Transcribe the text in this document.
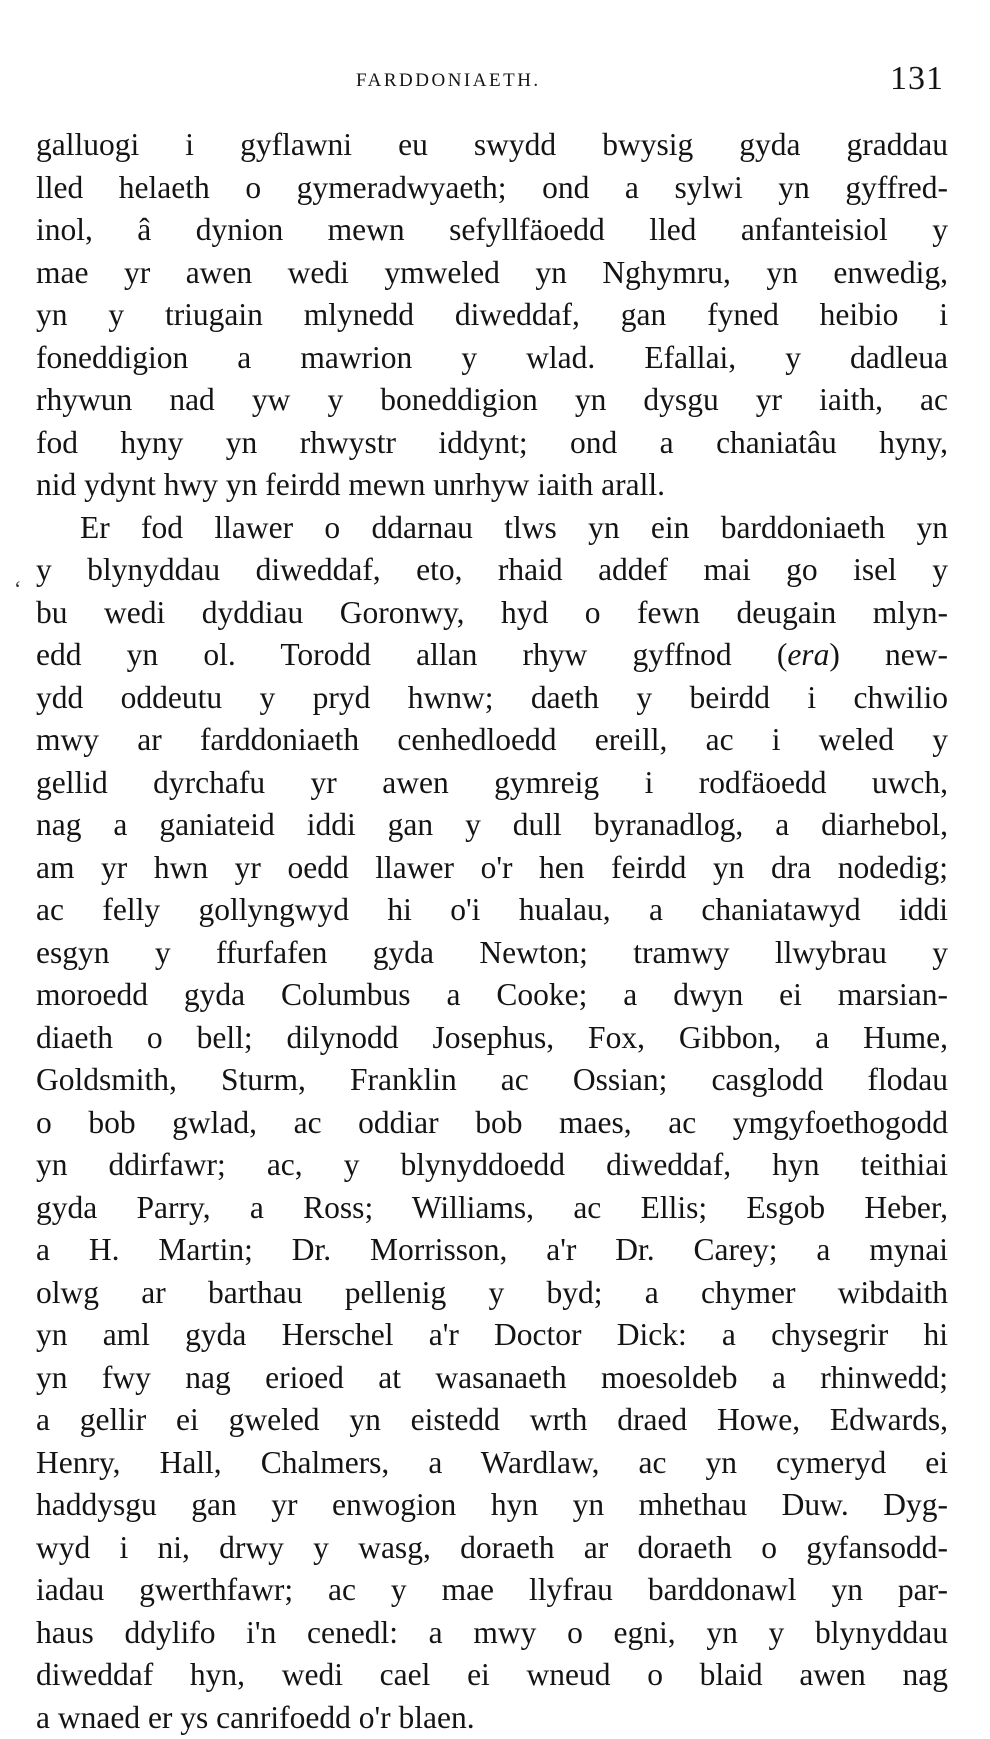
FARDDONIAETH.	131
‘
galluogi i gyflawni eu swydd bwysig gyda graddau
lled helaeth o gymeradwyaeth; ond a sylwi yn gyffred-
inol, â dynion mewn sefyllfäoedd lled anfanteisiol y
mae yr awen wedi ymweled yn Nghymru, yn enwedig,
yn y triugain mlynedd diweddaf, gan fyned heibio i
foneddigion a mawrion y wlad. Efallai, y dadleua
rhywun nad yw y boneddigion yn dysgu yr iaith, ac
fod hyny yn rhwystr iddynt; ond a chaniatâu hyny,
nid ydynt hwy yn feirdd mewn unrhyw iaith arall.
Er fod llawer o ddarnau tlws yn ein barddoniaeth yn
y blynyddau diweddaf, eto, rhaid addef mai go isel y
bu wedi dyddiau Goronwy, hyd o fewn deugain mlyn-
edd yn ol. Torodd allan rhyw gyffnod (era) new-
ydd oddeutu y pryd hwnw; daeth y beirdd i chwilio
mwy ar farddoniaeth cenhedloedd ereill, ac i weled y
gellid dyrchafu yr awen gymreig i rodfäoedd uwch,
nag a ganiateid iddi gan y dull byranadlog, a diarhebol,
am yr hwn yr oedd llawer o'r hen feirdd yn dra nodedig;
ac felly gollyngwyd hi o'i hualau, a chaniatawyd iddi
esgyn y ffurfafen gyda Newton; tramwy llwybrau y
moroedd gyda Columbus a Cooke; a dwyn ei marsian-
diaeth o bell; dilynodd Josephus, Fox, Gibbon, a Hume,
Goldsmith, Sturm, Franklin ac Ossian; casglodd flodau
o bob gwlad, ac oddiar bob maes, ac ymgyfoethogodd
yn ddirfawr; ac, y blynyddoedd diweddaf, hyn teithiai
gyda Parry, a Ross; Williams, ac Ellis; Esgob Heber,
a H. Martin; Dr. Morrisson, a'r Dr. Carey; a mynai
olwg ar barthau pellenig y byd; a chymer wibdaith
yn aml gyda Herschel a'r Doctor Dick: a chysegrir hi
yn fwy nag erioed at wasanaeth moesoldeb a rhinwedd;
a gellir ei gweled yn eistedd wrth draed Howe, Edwards,
Henry, Hall, Chalmers, a Wardlaw, ac yn cymeryd ei
haddysgu gan yr enwogion hyn yn mhethau Duw. Dyg-
wyd i ni, drwy y wasg, doraeth ar doraeth o gyfansodd-
iadau gwerthfawr; ac y mae llyfrau barddonawl yn par-
haus ddylifo i'n cenedl: a mwy o egni, yn y blynyddau
diweddaf hyn, wedi cael ei wneud o blaid awen nag
a wnaed er ys canrifoedd o'r blaen.
